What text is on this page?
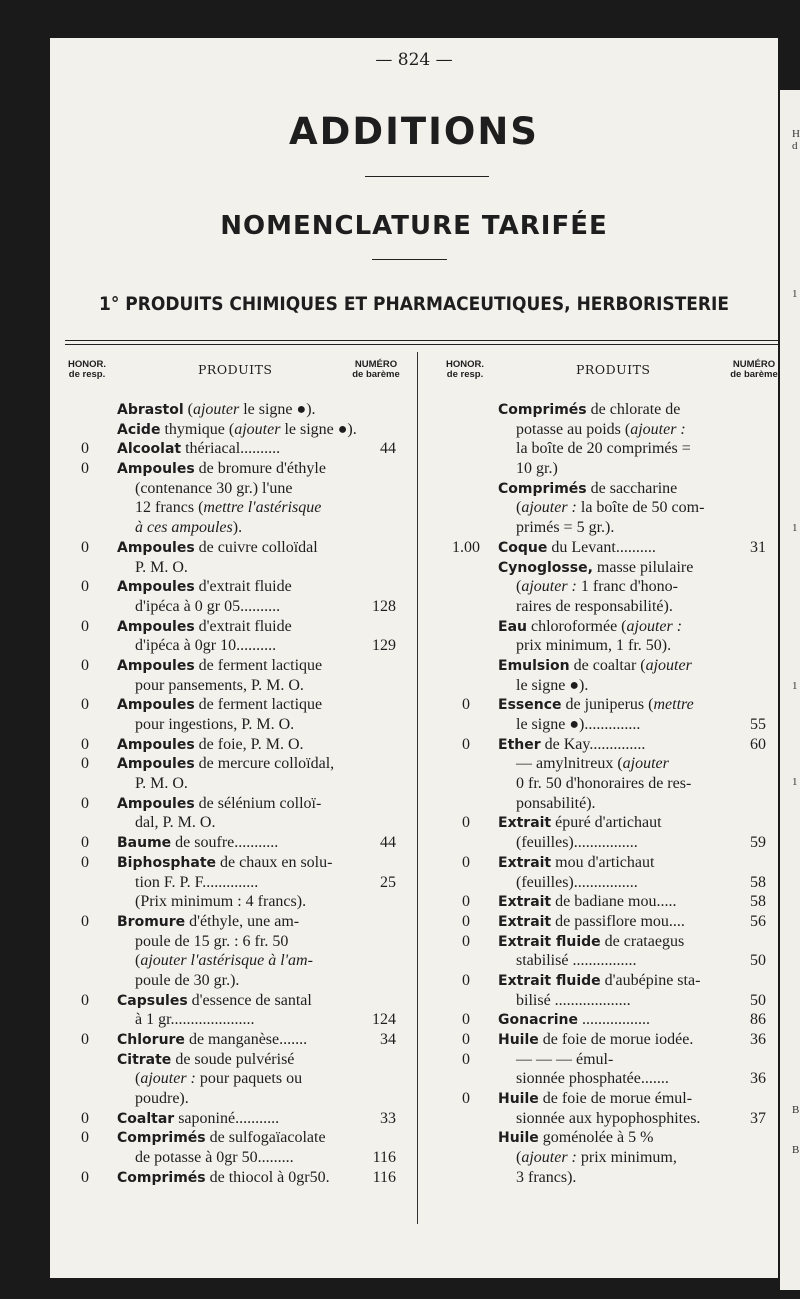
— 824 —
ADDITIONS
NOMENCLATURE TARIFÉE
1° PRODUITS CHIMIQUES ET PHARMACEUTIQUES, HERBORISTERIE
HONOR.
de resp.	PRODUITS	NUMÉRO
de barème
HONOR.
de resp.	PRODUITS	NUMÉRO
de barème
Abrastol (ajouter le signe ●).
Acide thymique (ajouter le signe ●).
0	Alcoolat thériacal..........	44
0	Ampoules de bromure d'éthyle
(contenance 30 gr.) l'une
12 francs (mettre l'astérisque
à ces ampoules).
0	Ampoules de cuivre colloïdal
P. M. O.
0	Ampoules d'extrait fluide
d'ipéca à 0 gr 05..........	128
0	Ampoules d'extrait fluide
d'ipéca à 0gr 10..........	129
0	Ampoules de ferment lactique
pour pansements, P. M. O.
0	Ampoules de ferment lactique
pour ingestions, P. M. O.
0	Ampoules de foie, P. M. O.
0	Ampoules de mercure colloïdal,
P. M. O.
0	Ampoules de sélénium colloï-
dal, P. M. O.
0	Baume de soufre...........	44
0	Biphosphate de chaux en solu-
tion F. P. F..............	25
(Prix minimum : 4 francs).
0	Bromure d'éthyle, une am-
poule de 15 gr. : 6 fr. 50
(ajouter l'astérisque à l'am-
poule de 30 gr.).
0	Capsules d'essence de santal
à 1 gr.....................	124
0	Chlorure de manganèse.......	34
Citrate de soude pulvérisé
(ajouter : pour paquets ou
poudre).
0	Coaltar saponiné...........	33
0	Comprimés de sulfogaïacolate
de potasse à 0gr 50.........	116
0	Comprimés de thiocol à 0gr50.	116
Comprimés de chlorate de
potasse au poids (ajouter :
la boîte de 20 comprimés =
10 gr.)
Comprimés de saccharine
(ajouter : la boîte de 50 com-
primés = 5 gr.).
1.00	Coque du Levant..........	31
Cynoglosse, masse pilulaire
(ajouter : 1 franc d'hono-
raires de responsabilité).
Eau chloroformée (ajouter :
prix minimum, 1 fr. 50).
Emulsion de coaltar (ajouter
le signe ●).
0	Essence de juniperus (mettre
le signe ●)..............	55
0	Ether de Kay..............	60
— amylnitreux (ajouter
0 fr. 50 d'honoraires de res-
ponsabilité).
0	Extrait épuré d'artichaut
(feuilles)................	59
0	Extrait mou d'artichaut
(feuilles)................	58
0	Extrait de badiane mou.....	58
0	Extrait de passiflore mou....	56
0	Extrait fluide de crataegus
stabilisé ................	50
0	Extrait fluide d'aubépine sta-
bilisé ...................	50
0	Gonacrine .................	86
0	Huile de foie de morue iodée.	36
0	— — — émul-
sionnée phosphatée.......	36
0	Huile de foie de morue émul-
sionnée aux hypophosphites.	37
Huile goménolée à 5 %
(ajouter : prix minimum,
3 francs).
H
d
1
1
1
1
B
B
